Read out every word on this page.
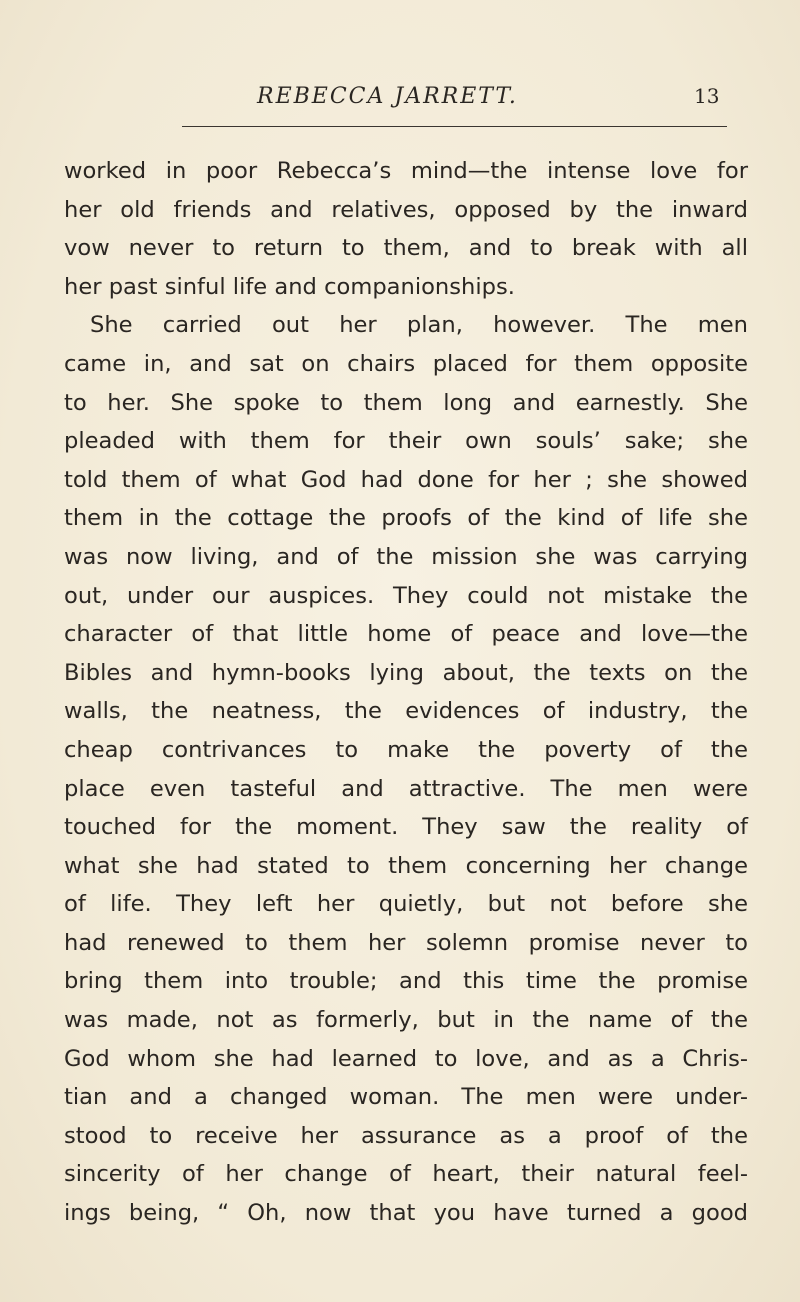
REBECCA JARRETT.	13
worked in poor Rebecca’s mind—the intense love for
her old friends and relatives, opposed by the inward
vow never to return to them, and to break with all
her past sinful life and companionships.
She carried out her plan, however. The men
came in, and sat on chairs placed for them opposite
to her. She spoke to them long and earnestly. She
pleaded with them for their own souls’ sake; she
told them of what God had done for her ; she showed
them in the cottage the proofs of the kind of life she
was now living, and of the mission she was carrying
out, under our auspices. They could not mistake the
character of that little home of peace and love—the
Bibles and hymn-books lying about, the texts on the
walls, the neatness, the evidences of industry, the
cheap contrivances to make the poverty of the
place even tasteful and attractive. The men were
touched for the moment. They saw the reality of
what she had stated to them concerning her change
of life. They left her quietly, but not before she
had renewed to them her solemn promise never to
bring them into trouble; and this time the promise
was made, not as formerly, but in the name of the
God whom she had learned to love, and as a Chris-
tian and a changed woman. The men were under-
stood to receive her assurance as a proof of the
sincerity of her change of heart, their natural feel-
ings being, “ Oh, now that you have turned a good
